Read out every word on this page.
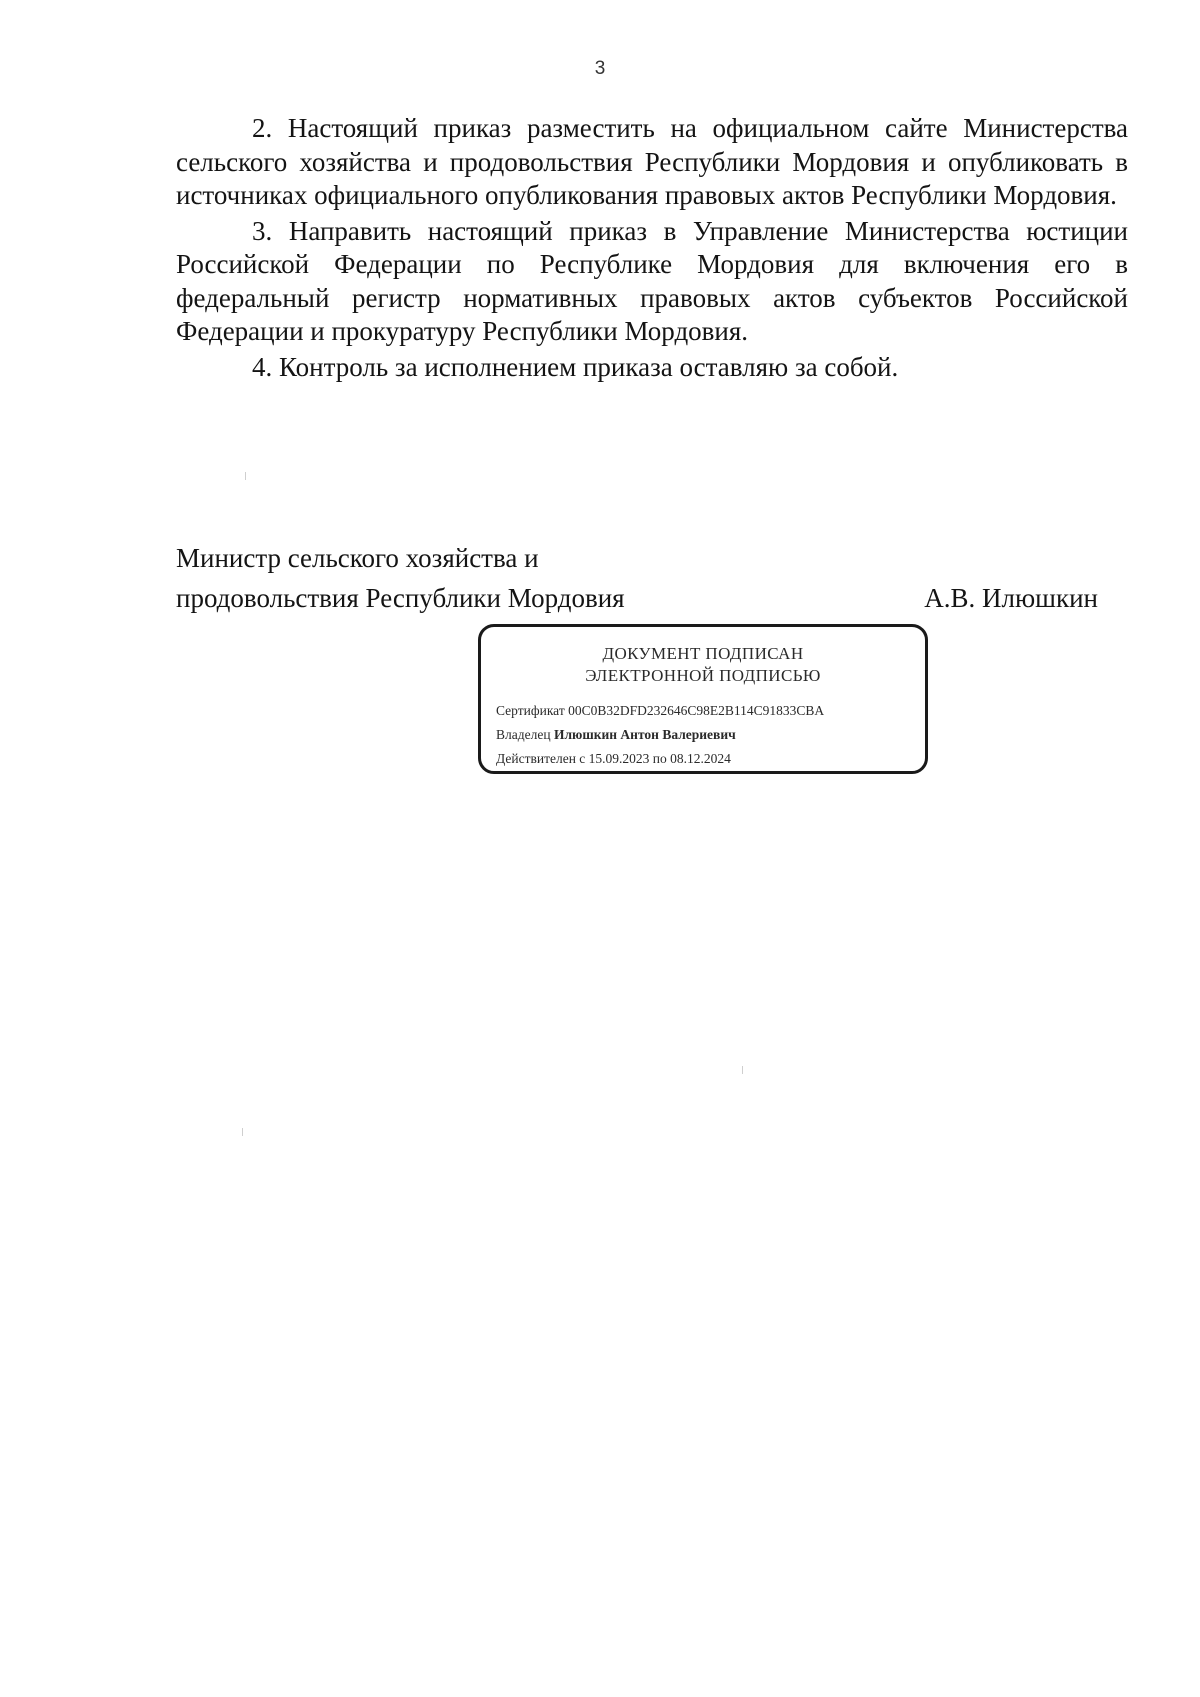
3

2. Настоящий приказ разместить на официальном сайте Министерства сельского хозяйства и продовольствия Республики Мордовия и опубликовать в источниках официального опубликования правовых актов Республики Мордовия.

3. Направить настоящий приказ в Управление Министерства юстиции Российской Федерации по Республике Мордовия для включения его в федеральный регистр нормативных правовых актов субъектов Российской Федерации и прокуратуру Республики Мордовия.

4. Контроль за исполнением приказа оставляю за собой.

Министр сельского хозяйства и
продовольствия Республики Мордовия	А.В. Илюшкин
ДОКУМЕНТ ПОДПИСАН
ЭЛЕКТРОННОЙ ПОДПИСЬЮ
Сертификат 00C0B32DFD232646C98E2B114C91833CBA
Владелец Илюшкин Антон Валериевич
Действителен с 15.09.2023 по 08.12.2024
